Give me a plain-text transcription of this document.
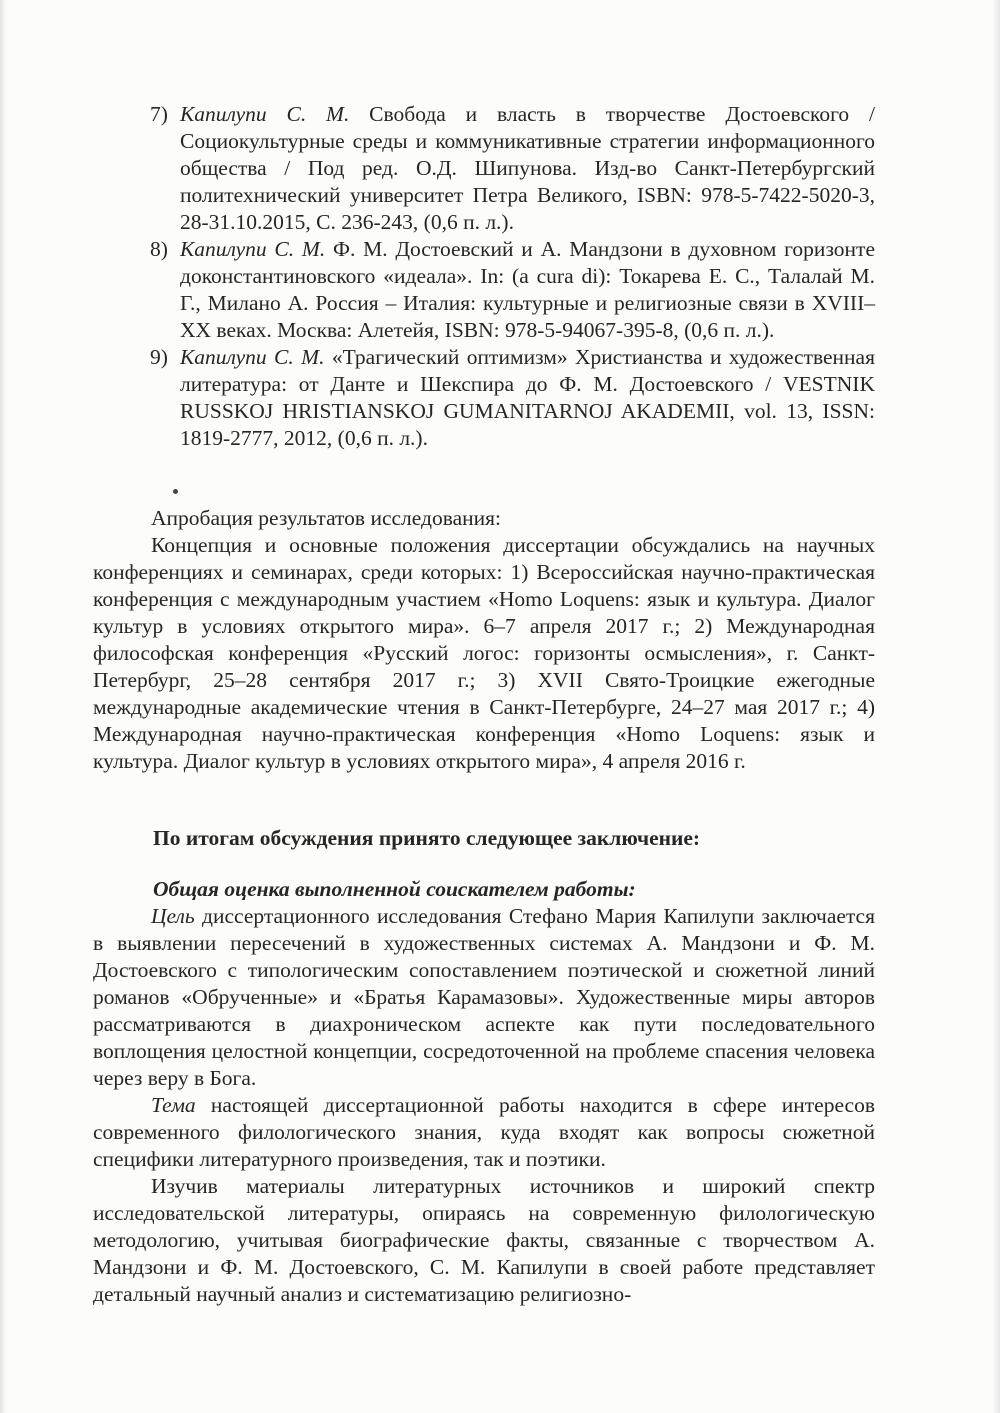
7) Капилупи С. М. Свобода и власть в творчестве Достоевского / Социокультурные среды и коммуникативные стратегии информационного общества / Под ред. О.Д. Шипунова. Изд-во Санкт-Петербургский политехнический университет Петра Великого, ISBN: 978-5-7422-5020-3, 28-31.10.2015, С. 236-243, (0,6 п. л.).
8) Капилупи С. М. Ф. М. Достоевский и А. Мандзони в духовном горизонте доконстантиновского «идеала». In: (a cura di): Токарева Е. С., Талалай М. Г., Милано А. Россия – Италия: культурные и религиозные связи в XVIII–XX веках. Москва: Алетейя, ISBN: 978-5-94067-395-8, (0,6 п. л.).
9) Капилупи С. М. «Трагический оптимизм» Христианства и художественная литература: от Данте и Шекспира до Ф. М. Достоевского / VESTNIK RUSSKOJ HRISTIANSKOJ GUMANITARNOJ AKADEMII, vol. 13, ISSN: 1819-2777, 2012, (0,6 п. л.).

Апробация результатов исследования:

Концепция и основные положения диссертации обсуждались на научных конференциях и семинарах, среди которых: 1) Всероссийская научно-практическая конференция с международным участием «Homo Loquens: язык и культура. Диалог культур в условиях открытого мира». 6–7 апреля 2017 г.; 2) Международная философская конференция «Русский логос: горизонты осмысления», г. Санкт-Петербург, 25–28 сентября 2017 г.; 3) XVII Свято-Троицкие ежегодные международные академические чтения в Санкт-Петербурге, 24–27 мая 2017 г.; 4) Международная научно-практическая конференция «Homo Loquens: язык и культура. Диалог культур в условиях открытого мира», 4 апреля 2016 г.

По итогам обсуждения принято следующее заключение:

Общая оценка выполненной соискателем работы:

Цель диссертационного исследования Стефано Мария Капилупи заключается в выявлении пересечений в художественных системах А. Мандзони и Ф. М. Достоевского с типологическим сопоставлением поэтической и сюжетной линий романов «Обрученные» и «Братья Карамазовы». Художественные миры авторов рассматриваются в диахроническом аспекте как пути последовательного воплощения целостной концепции, сосредоточенной на проблеме спасения человека через веру в Бога.

Тема настоящей диссертационной работы находится в сфере интересов современного филологического знания, куда входят как вопросы сюжетной специфики литературного произведения, так и поэтики.

Изучив материалы литературных источников и широкий спектр исследовательской литературы, опираясь на современную филологическую методологию, учитывая биографические факты, связанные с творчеством А. Мандзони и Ф. М. Достоевского, С. М. Капилупи в своей работе представляет детальный научный анализ и систематизацию религиозно-
